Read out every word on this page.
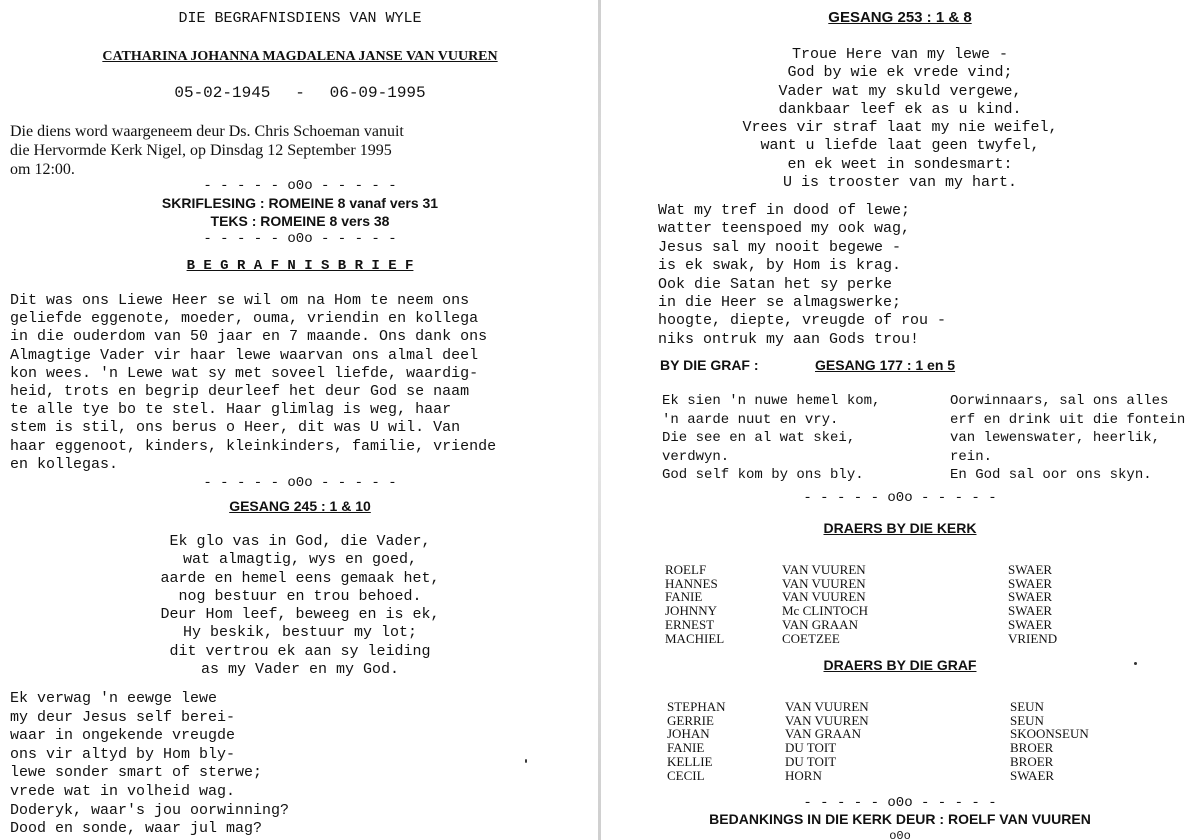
DIE BEGRAFNISDIENS VAN WYLE
CATHARINA JOHANNA MAGDALENA JANSE VAN VUUREN
05-02-1945 - 06-09-1995
Die diens word waargeneem deur Ds. Chris Schoeman vanuit
die Hervormde Kerk Nigel, op Dinsdag 12 September 1995
om 12:00.
- - - - - o0o - - - - -
SKRIFLESING : ROMEINE 8 vanaf vers 31
TEKS : ROMEINE 8 vers 38
- - - - - o0o - - - - -
B E G R A F N I S B R I E F
Dit was ons Liewe Heer se wil om na Hom te neem ons
geliefde eggenote, moeder, ouma, vriendin en kollega
in die ouderdom van 50 jaar en 7 maande. Ons dank ons
Almagtige Vader vir haar lewe waarvan ons almal deel
kon wees. 'n Lewe wat sy met soveel liefde, waardig-
heid, trots en begrip deurleef het deur God se naam
te alle tye bo te stel. Haar glimlag is weg, haar
stem is stil, ons berus o Heer, dit was U wil. Van
haar eggenoot, kinders, kleinkinders, familie, vriende
en kollegas.
- - - - - o0o - - - - -
GESANG 245 : 1 & 10
Ek glo vas in God, die Vader,
wat almagtig, wys en goed,
aarde en hemel eens gemaak het,
nog bestuur en trou behoed.
Deur Hom leef, beweeg en is ek,
Hy beskik, bestuur my lot;
dit vertrou ek aan sy leiding
as my Vader en my God.
Ek verwag 'n eewge lewe
my deur Jesus self berei-
waar in ongekende vreugde
ons vir altyd by Hom bly-
lewe sonder smart of sterwe;
vrede wat in volheid wag.
Doderyk, waar's jou oorwinning?
Dood en sonde, waar jul mag?
GESANG 253 : 1 & 8
Troue Here van my lewe -
God by wie ek vrede vind;
Vader wat my skuld vergewe,
dankbaar leef ek as u kind.
Vrees vir straf laat my nie weifel,
want u liefde laat geen twyfel,
en ek weet in sondesmart:
U is trooster van my hart.
Wat my tref in dood of lewe;
watter teenspoed my ook wag,
Jesus sal my nooit begewe -
is ek swak, by Hom is krag.
Ook die Satan het sy perke
in die Heer se almagswerke;
hoogte, diepte, vreugde of rou -
niks ontruk my aan Gods trou!
BY DIE GRAF :	GESANG 177 : 1 en 5
Ek sien 'n nuwe hemel kom,
'n aarde nuut en vry.
Die see en al wat skei,
verdwyn.
God self kom by ons bly.
Oorwinnaars, sal ons alles
erf en drink uit die fontein
van lewenswater, heerlik,
rein.
En God sal oor ons skyn.
- - - - - o0o - - - - -
DRAERS BY DIE KERK
ROELF
HANNES
FANIE
JOHNNY
ERNEST
MACHIEL
VAN VUUREN
VAN VUUREN
VAN VUUREN
Mc CLINTOCH
VAN GRAAN
COETZEE
SWAER
SWAER
SWAER
SWAER
SWAER
VRIEND
DRAERS BY DIE GRAF
STEPHAN
GERRIE
JOHAN
FANIE
KELLIE
CECIL
VAN VUUREN
VAN VUUREN
VAN GRAAN
DU TOIT
DU TOIT
HORN
SEUN
SEUN
SKOONSEUN
BROER
BROER
SWAER
- - - - - o0o - - - - -
BEDANKINGS IN DIE KERK DEUR : ROELF VAN VUUREN
o0o
